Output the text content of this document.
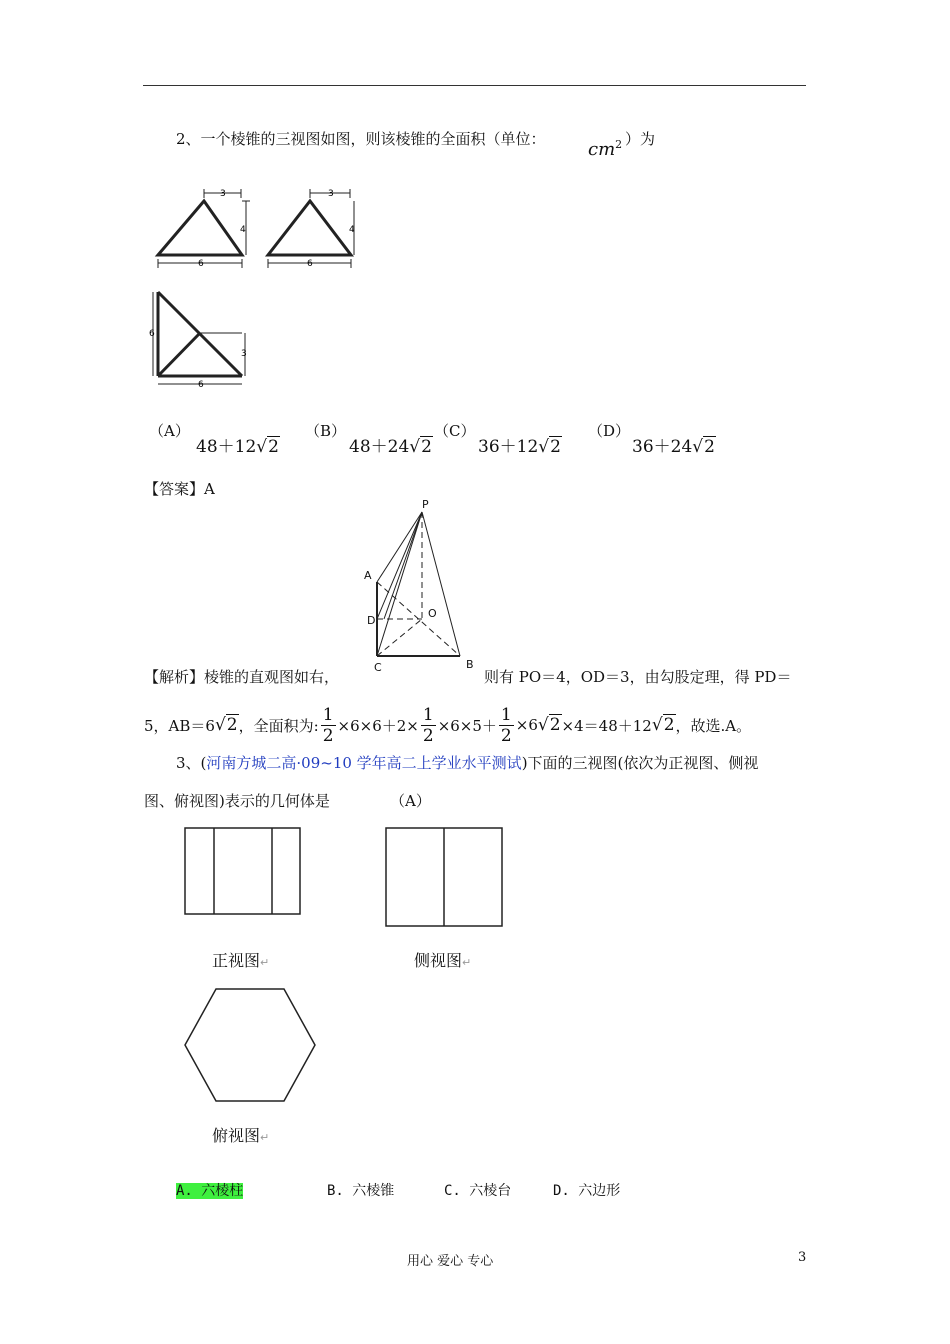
2、一个棱锥的三视图如图，则该棱锥的全面积（单位： $cm^2$ ）为
3
4
6
3
4
6
6
3
6
（A）
48＋12√2
（B）
48＋24√2
（C）
36＋12√2
（D）
36＋24√2
【答案】A
P
A
D
O
C	B
【解析】棱锥的直观图如右，	则有 PO＝4，OD＝3，由勾股定理，得 PD＝
5，AB＝6 √2 ，全面积为: $\frac{1}{2} \times 6\times 6+2\times \frac{1}{2} \times 6\times 5+ \frac{1}{2} \times 6$ √2 ×4＝48＋12 √2 ，故选.A。
3、(河南方城二高·09~10 学年高二上学业水平测试)下面的三视图(依次为正视图、侧视
图、俯视图)表示的几何体是	（A）
正视图↵	侧视图↵
俯视图↵
A. 六棱柱	B. 六棱锥	C. 六棱台	D. 六边形
用心 爱心 专心	3
